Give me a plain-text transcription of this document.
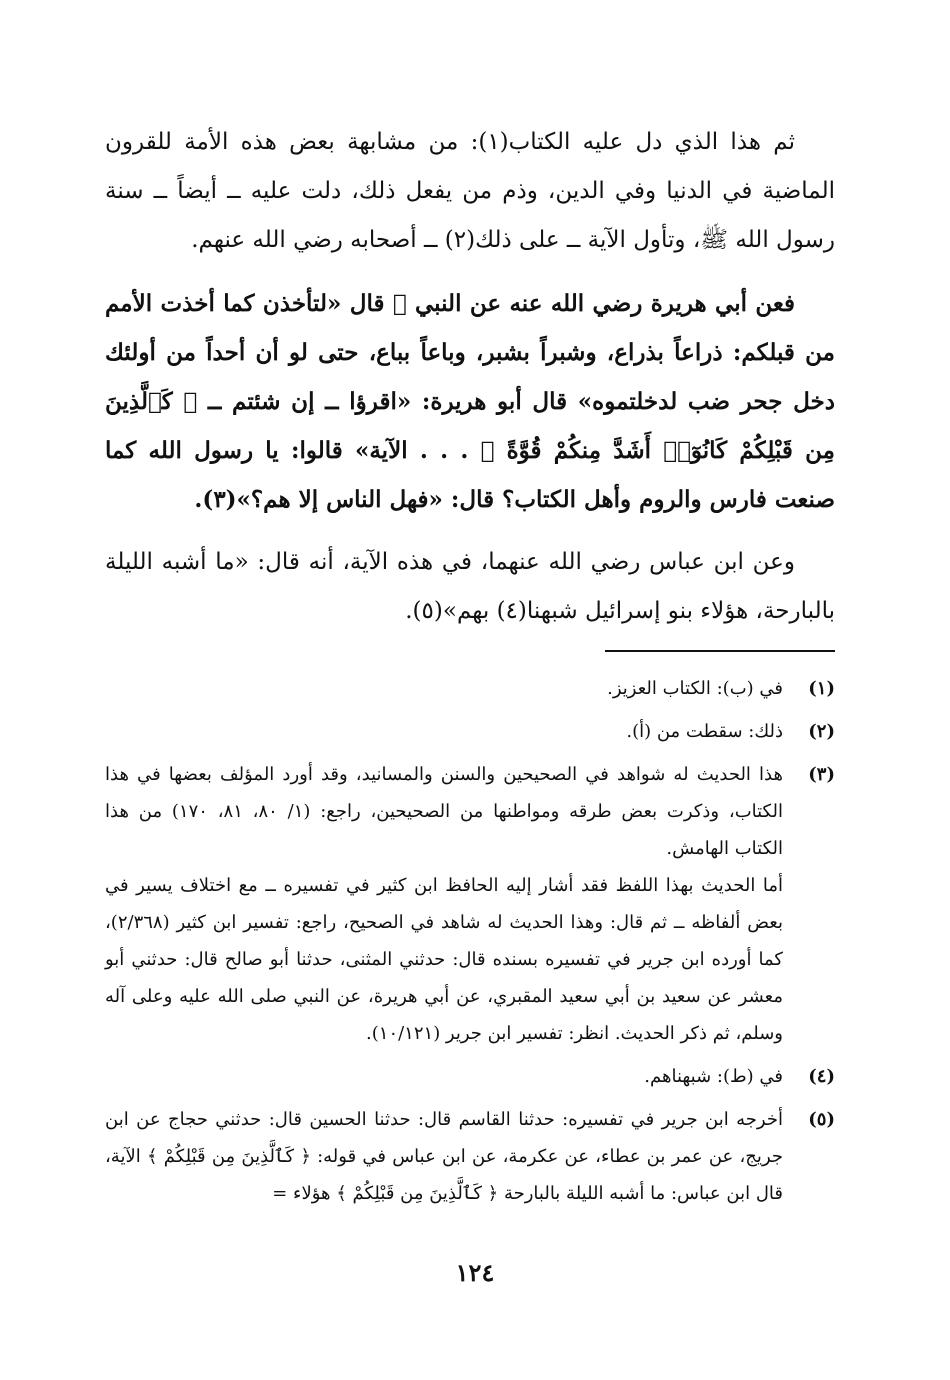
ثم هذا الذي دل عليه الكتاب(١): من مشابهة بعض هذه الأمة للقرون الماضية في الدنيا وفي الدين، وذم من يفعل ذلك، دلت عليه ــ أيضاً ــ سنة رسول الله ﷺ، وتأول الآية ــ على ذلك(٢) ــ أصحابه رضي الله عنهم.

فعن أبي هريرة رضي الله عنه عن النبي ﷺ قال «لتأخذن كما أخذت الأمم من قبلكم: ذراعاً بذراع، وشبراً بشبر، وباعاً بباع، حتى لو أن أحداً من أولئك دخل جحر ضب لدخلتموه» قال أبو هريرة: «اقرؤا ــ إن شئتم ــ ﴿ كَٱلَّذِينَ مِن قَبْلِكُمْ كَانُوٓا۟ أَشَدَّ مِنكُمْ قُوَّةً ﴾ . . . الآية» قالوا: يا رسول الله كما صنعت فارس والروم وأهل الكتاب؟ قال: «فهل الناس إلا هم؟»(٣).

وعن ابن عباس رضي الله عنهما، في هذه الآية، أنه قال: «ما أشبه الليلة بالبارحة، هؤلاء بنو إسرائيل شبهنا(٤) بهم»(٥).

(١)

في (ب): الكتاب العزيز.

(٢)

ذلك: سقطت من (أ).

(٣)

هذا الحديث له شواهد في الصحيحين والسنن والمسانيد، وقد أورد المؤلف بعضها في هذا الكتاب، وذكرت بعض طرقه ومواطنها من الصحيحين، راجع: (١/ ٨٠، ٨١، ١٧٠) من هذا الكتاب الهامش.

أما الحديث بهذا اللفظ فقد أشار إليه الحافظ ابن كثير في تفسيره ــ مع اختلاف يسير في بعض ألفاظه ــ ثم قال: وهذا الحديث له شاهد في الصحيح، راجع: تفسير ابن كثير (٢/٣٦٨)، كما أورده ابن جرير في تفسيره بسنده قال: حدثني المثنى، حدثنا أبو صالح قال: حدثني أبو معشر عن سعيد بن أبي سعيد المقبري، عن أبي هريرة، عن النبي صلى الله عليه وعلى آله وسلم، ثم ذكر الحديث. انظر: تفسير ابن جرير (١٠/١٢١).

(٤)

في (ط): شبهناهم.

(٥)

أخرجه ابن جرير في تفسيره: حدثنا القاسم قال: حدثنا الحسين قال: حدثني حجاج عن ابن جريج، عن عمر بن عطاء، عن عكرمة، عن ابن عباس في قوله: ﴿ كَٱلَّذِينَ مِن قَبْلِكُمْ ﴾ الآية، قال ابن عباس: ما أشبه الليلة بالبارحة ﴿ كَٱلَّذِينَ مِن قَبْلِكُمْ ﴾ هؤلاء =

١٢٤
